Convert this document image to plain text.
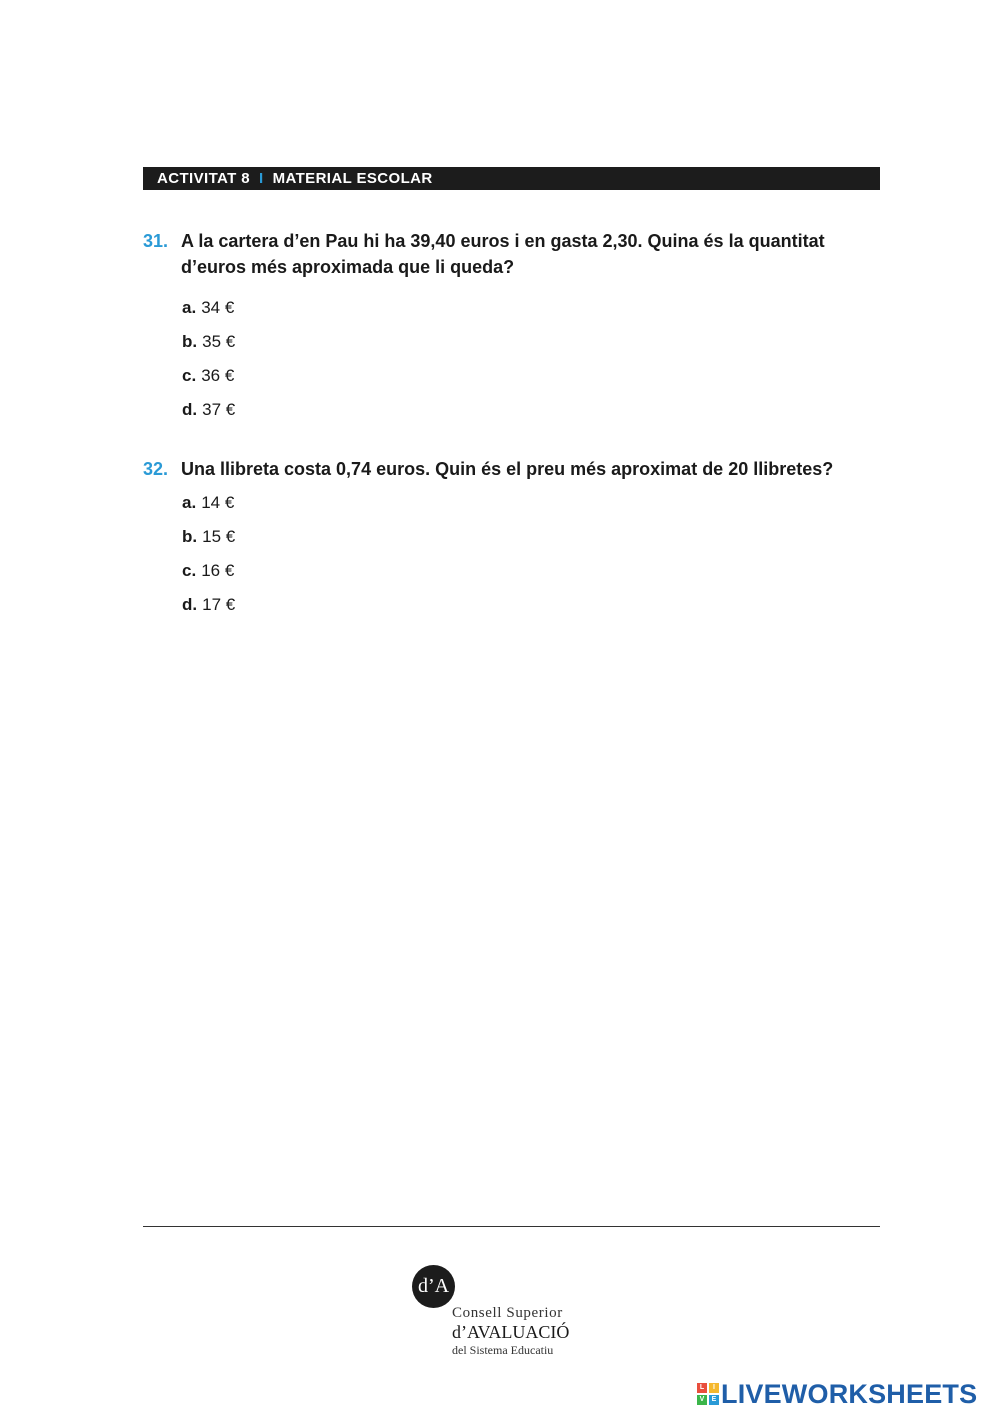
ACTIVITAT 8 I MATERIAL ESCOLAR
31. A la cartera d’en Pau hi ha 39,40 euros i en gasta 2,30. Quina és la quantitat d’euros més aproximada que li queda?
a. 34 €
b. 35 €
c. 36 €
d. 37 €
32. Una llibreta costa 0,74 euros. Quin és el preu més aproximat de 20 llibretes?
a. 14 €
b. 15 €
c. 16 €
d. 17 €
d’A
Consell Superior
d’AVALUACIÓ
del Sistema Educatiu
L	I
V	E LIVEWORKSHEETS
